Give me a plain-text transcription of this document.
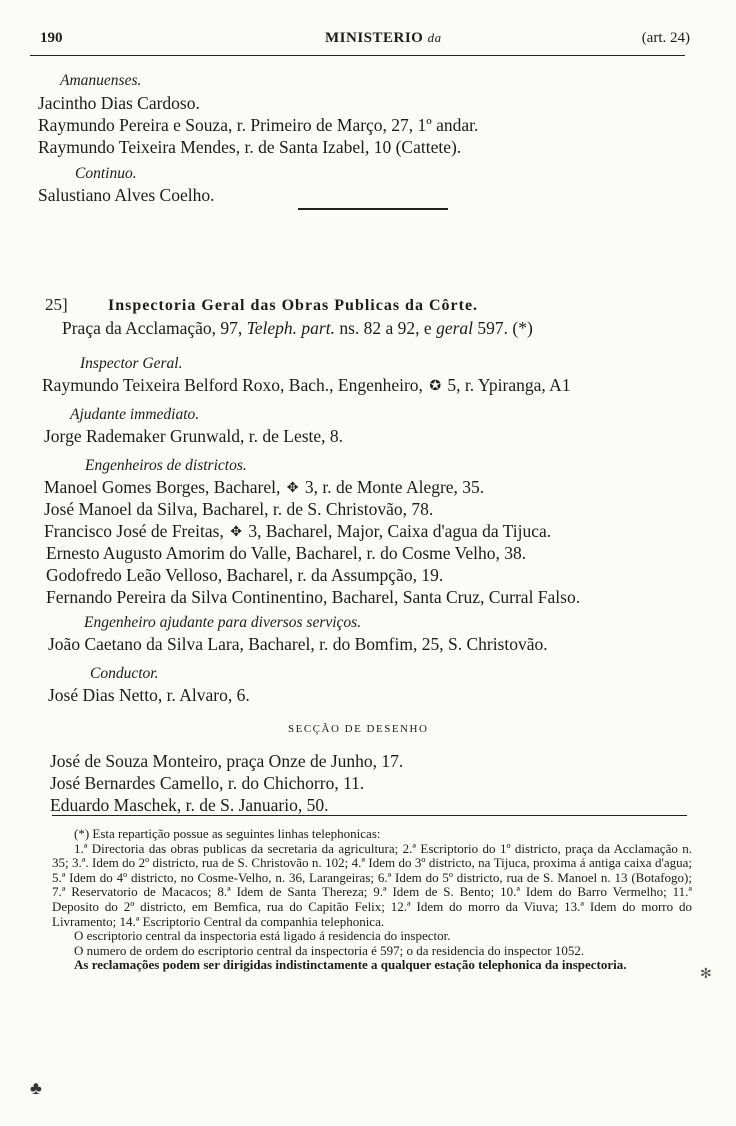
190	MINISTERIO da	(art. 24)
Amanuenses.
Jacintho Dias Cardoso.
Raymundo Pereira e Souza, r. Primeiro de Março, 27, 1º andar.
Raymundo Teixeira Mendes, r. de Santa Izabel, 10 (Cattete).
Continuo.
Salustiano Alves Coelho.
25]	Inspectoria Geral das Obras Publicas da Côrte.
Praça da Acclamação, 97, Teleph. part. ns. 82 a 92, e geral 597. (*)
Inspector Geral.
Raymundo Teixeira Belford Roxo, Bach., Engenheiro, ✪ 5, r. Ypiranga, A1
Ajudante immediato.
Jorge Rademaker Grunwald, r. de Leste, 8.
Engenheiros de districtos.
Manoel Gomes Borges, Bacharel, ✥ 3, r. de Monte Alegre, 35.
José Manoel da Silva, Bacharel, r. de S. Christovão, 78.
Francisco José de Freitas, ✥ 3, Bacharel, Major, Caixa d'agua da Tijuca.
Ernesto Augusto Amorim do Valle, Bacharel, r. do Cosme Velho, 38.
Godofredo Leão Velloso, Bacharel, r. da Assumpção, 19.
Fernando Pereira da Silva Continentino, Bacharel, Santa Cruz, Curral Falso.
Engenheiro ajudante para diversos serviços.
João Caetano da Silva Lara, Bacharel, r. do Bomfim, 25, S. Christovão.
Conductor.
José Dias Netto, r. Alvaro, 6.
SECÇÃO DE DESENHO
José de Souza Monteiro, praça Onze de Junho, 17.
José Bernardes Camello, r. do Chichorro, 11.
Eduardo Maschek, r. de S. Januario, 50.

(*) Esta repartição possue as seguintes linhas telephonicas:

1.ª Directoria das obras publicas da secretaria da agricultura; 2.ª Escriptorio do 1º districto, praça da Acclamação n. 35; 3.ª. Idem do 2º districto, rua de S. Christovão n. 102; 4.ª Idem do 3º districto, na Tijuca, proxima á antiga caixa d'agua; 5.ª Idem do 4º districto, no Cosme-Velho, n. 36, Larangeiras; 6.ª Idem do 5º districto, rua de S. Manoel n. 13 (Botafogo); 7.ª Reservatorio de Macacos; 8.ª Idem de Santa Thereza; 9.ª Idem de S. Bento; 10.ª Idem do Barro Vermelho; 11.ª Deposito do 2º districto, em Bemfica, rua do Capitão Felix; 12.ª Idem do morro da Viuva; 13.ª Idem do morro do Livramento; 14.ª Escriptorio Central da companhia telephonica.

O escriptorio central da inspectoria está ligado á residencia do inspector.

O numero de ordem do escriptorio central da inspectoria é 597; o da residencia do inspector 1052.

As reclamações podem ser dirigidas indistinctamente a qualquer estação telephonica da inspectoria.

♣
✻
